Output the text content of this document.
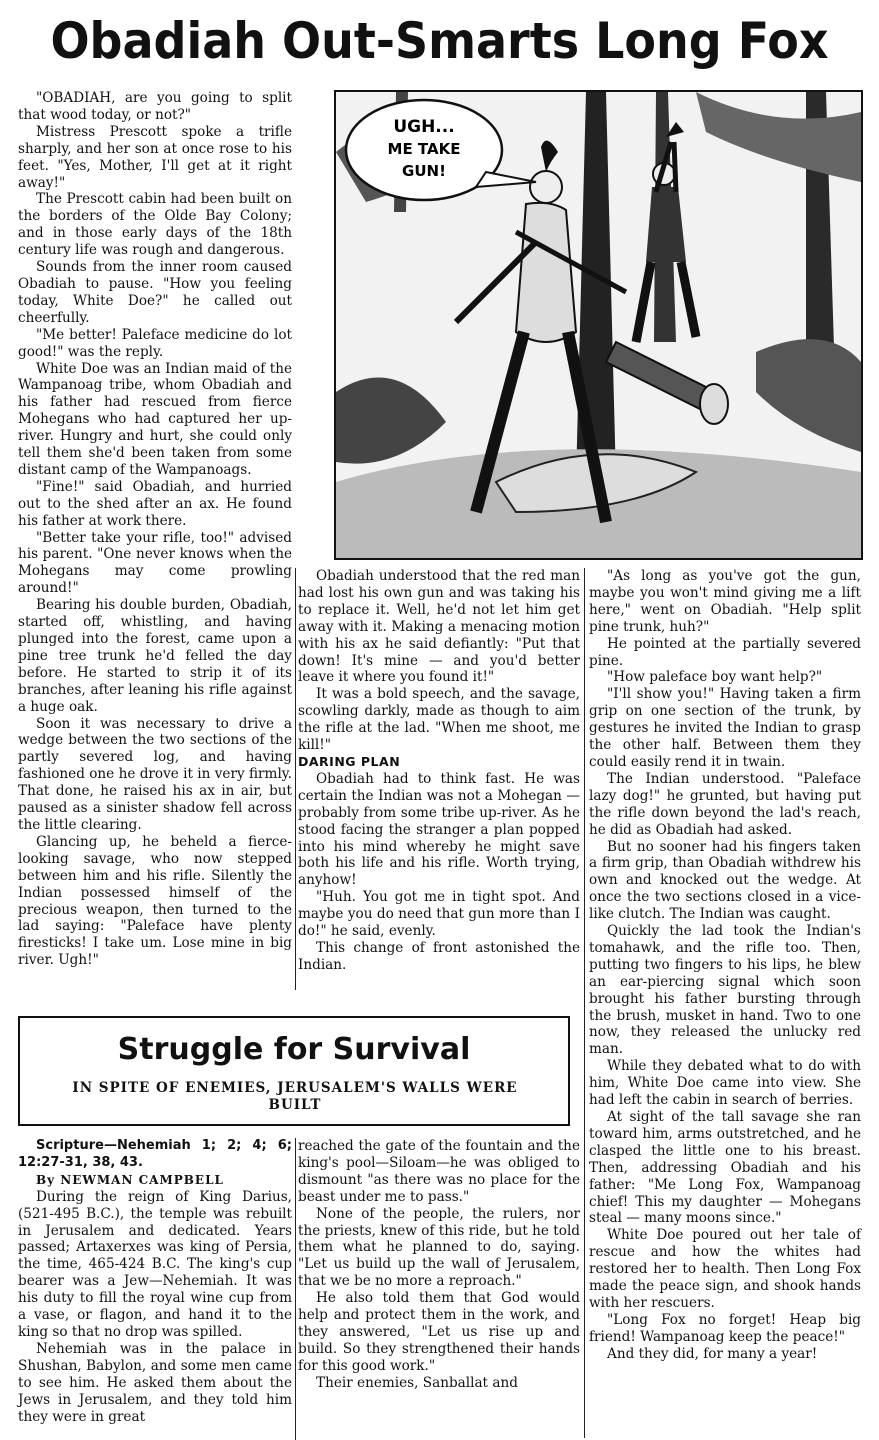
Obadiah Out-Smarts Long Fox

"OBADIAH, are you going to split that wood today, or not?"

Mistress Prescott spoke a trifle sharply, and her son at once rose to his feet. "Yes, Mother, I'll get at it right away!"

The Prescott cabin had been built on the borders of the Olde Bay Colony; and in those early days of the 18th century life was rough and dangerous.

Sounds from the inner room caused Obadiah to pause. "How you feeling today, White Doe?" he called out cheerfully.

"Me better! Paleface medicine do lot good!" was the reply.

White Doe was an Indian maid of the Wampanoag tribe, whom Obadiah and his father had rescued from fierce Mohegans who had captured her up-river. Hungry and hurt, she could only tell them she'd been taken from some distant camp of the Wampanoags.

"Fine!" said Obadiah, and hurried out to the shed after an ax. He found his father at work there.

"Better take your rifle, too!" advised his parent. "One never knows when the Mohegans may come prowling around!"

Bearing his double burden, Obadiah, started off, whistling, and having plunged into the forest, came upon a pine tree trunk he'd felled the day before. He started to strip it of its branches, after leaning his rifle against a huge oak.

Soon it was necessary to drive a wedge between the two sections of the partly severed log, and having fashioned one he drove it in very firmly. That done, he raised his ax in air, but paused as a sinister shadow fell across the little clearing.

Glancing up, he beheld a fierce-looking savage, who now stepped between him and his rifle. Silently the Indian possessed himself of the precious weapon, then turned to the lad saying: "Paleface have plenty firesticks! I take um. Lose mine in big river. Ugh!"

UGH...
ME TAKE
GUN!

Obadiah understood that the red man had lost his own gun and was taking his to replace it. Well, he'd not let him get away with it. Making a menacing motion with his ax he said defiantly: "Put that down! It's mine — and you'd better leave it where you found it!"

It was a bold speech, and the savage, scowling darkly, made as though to aim the rifle at the lad. "When me shoot, me kill!"

DARING PLAN

Obadiah had to think fast. He was certain the Indian was not a Mohegan — probably from some tribe up-river. As he stood facing the stranger a plan popped into his mind whereby he might save both his life and his rifle. Worth trying, anyhow!

"Huh. You got me in tight spot. And maybe you do need that gun more than I do!" he said, evenly.

This change of front astonished the Indian.

"As long as you've got the gun, maybe you won't mind giving me a lift here," went on Obadiah. "Help split pine trunk, huh?"

He pointed at the partially severed pine.

"How paleface boy want help?"

"I'll show you!" Having taken a firm grip on one section of the trunk, by gestures he invited the Indian to grasp the other half. Between them they could easily rend it in twain.

The Indian understood. "Paleface lazy dog!" he grunted, but having put the rifle down beyond the lad's reach, he did as Obadiah had asked.

But no sooner had his fingers taken a firm grip, than Obadiah withdrew his own and knocked out the wedge. At once the two sections closed in a vice-like clutch. The Indian was caught.

Quickly the lad took the Indian's tomahawk, and the rifle too. Then, putting two fingers to his lips, he blew an ear-piercing signal which soon brought his father bursting through the brush, musket in hand. Two to one now, they released the unlucky red man.

While they debated what to do with him, White Doe came into view. She had left the cabin in search of berries.

At sight of the tall savage she ran toward him, arms outstretched, and he clasped the little one to his breast. Then, addressing Obadiah and his father: "Me Long Fox, Wampanoag chief! This my daughter — Mohegans steal — many moons since."

White Doe poured out her tale of rescue and how the whites had restored her to health. Then Long Fox made the peace sign, and shook hands with her rescuers.

"Long Fox no forget! Heap big friend! Wampanoag keep the peace!"

And they did, for many a year!

Struggle for Survival
IN SPITE OF ENEMIES, JERUSALEM'S WALLS WERE BUILT

Scripture—Nehemiah 1; 2; 4; 6; 12:27-31, 38, 43.

By NEWMAN CAMPBELL

During the reign of King Darius, (521-495 B.C.), the temple was rebuilt in Jerusalem and dedicated. Years passed; Artaxerxes was king of Persia, the time, 465-424 B.C. The king's cup bearer was a Jew—Nehemiah. It was his duty to fill the royal wine cup from a vase, or flagon, and hand it to the king so that no drop was spilled.

Nehemiah was in the palace in Shushan, Babylon, and some men came to see him. He asked them about the Jews in Jerusalem, and they told him they were in great

reached the gate of the fountain and the king's pool—Siloam—he was obliged to dismount "as there was no place for the beast under me to pass."

None of the people, the rulers, nor the priests, knew of this ride, but he told them what he planned to do, saying. "Let us build up the wall of Jerusalem, that we be no more a reproach."

He also told them that God would help and protect them in the work, and they answered, "Let us rise up and build. So they strengthened their hands for this good work."

Their enemies, Sanballat and
